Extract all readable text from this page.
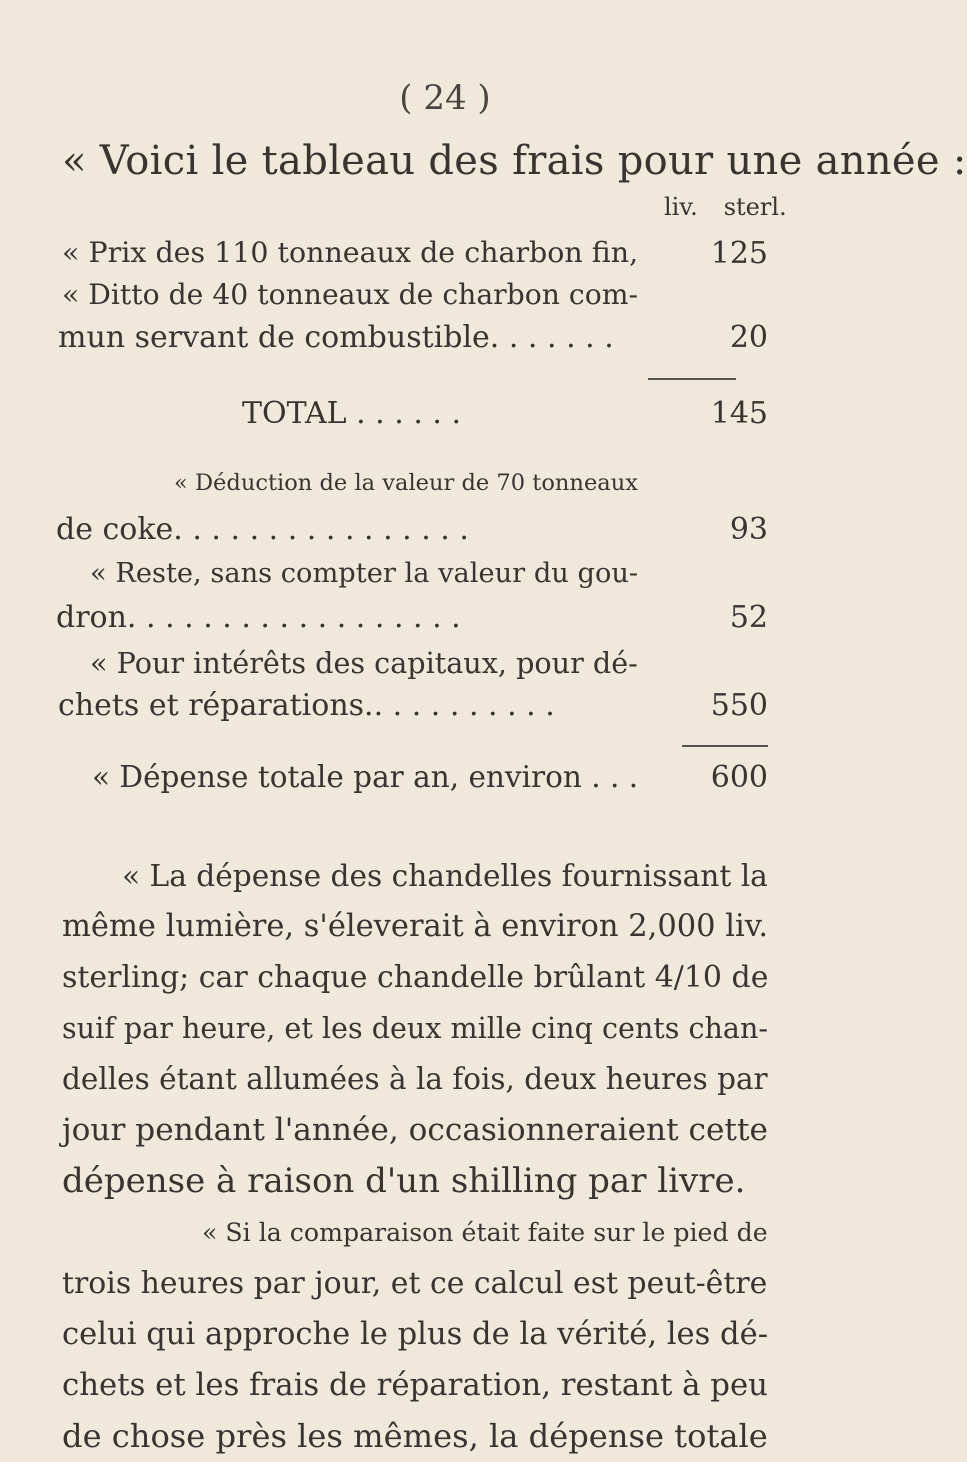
( 24 )
« Voici le tableau des frais pour une année :
liv. sterl.
« Prix des 110 tonneaux de charbon fin,	125
« Ditto de 40 tonneaux de charbon com-
mun servant de combustible. . . . . . .	20
TOTAL . . . . . .	145
« Déduction de la valeur de 70 tonneaux
de coke. . . . . . . . . . . . . . . .	93
« Reste, sans compter la valeur du gou-
dron. . . . . . . . . . . . . . . . . .	52
« Pour intérêts des capitaux, pour dé-
chets et réparations.. . . . . . . . . .	550
« Dépense totale par an, environ . . .	600
« La dépense des chandelles fournissant la
même lumière, s'éleverait à environ 2,000 liv.
sterling; car chaque chandelle brûlant 4/10 de
suif par heure, et les deux mille cinq cents chan-
delles étant allumées à la fois, deux heures par
jour pendant l'année, occasionneraient cette
dépense à raison d'un shilling par livre.
« Si la comparaison était faite sur le pied de
trois heures par jour, et ce calcul est peut-être
celui qui approche le plus de la vérité, les dé-
chets et les frais de réparation, restant à peu
de chose près les mêmes, la dépense totale
